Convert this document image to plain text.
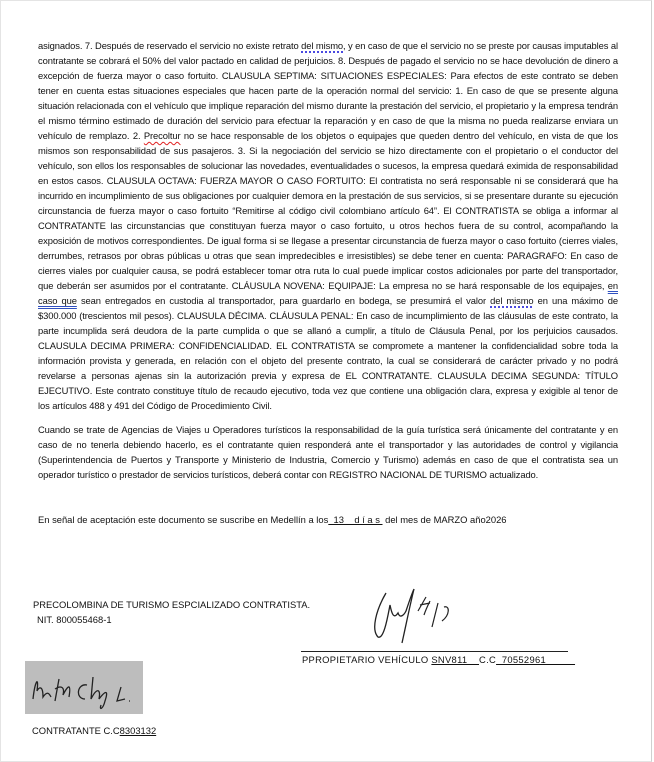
asignados. 7. Después de reservado el servicio no existe retrato del mismo, y en caso de que el servicio no se preste por causas imputables al contratante se cobrará el 50% del valor pactado en calidad de perjuicios. 8. Después de pagado el servicio no se hace devolución de dinero a excepción de fuerza mayor o caso fortuito. CLAUSULA SEPTIMA: SITUACIONES ESPECIALES: Para efectos de este contrato se deben tener en cuenta estas situaciones especiales que hacen parte de la operación normal del servicio: 1. En caso de que se presente alguna situación relacionada con el vehículo que implique reparación del mismo durante la prestación del servicio, el propietario y la empresa tendrán el mismo término estimado de duración del servicio para efectuar la reparación y en caso de que la misma no pueda realizarse enviara un vehículo de remplazo. 2. Precoltur no se hace responsable de los objetos o equipajes que queden dentro del vehículo, en vista de que los mismos son responsabilidad de sus pasajeros. 3. Si la negociación del servicio se hizo directamente con el propietario o el conductor del vehículo, son ellos los responsables de solucionar las novedades, eventualidades o sucesos, la empresa quedará eximida de responsabilidad en estos casos. CLAUSULA OCTAVA: FUERZA MAYOR O CASO FORTUITO: El contratista no será responsable ni se considerará que ha incurrido en incumplimiento de sus obligaciones por cualquier demora en la prestación de sus servicios, si se presentare durante su ejecución circunstancia de fuerza mayor o caso fortuito “Remitirse al código civil colombiano artículo 64”. El CONTRATISTA se obliga a informar al CONTRATANTE las circunstancias que constituyan fuerza mayor o caso fortuito, u otros hechos fuera de su control, acompañando la exposición de motivos correspondientes. De igual forma si se llegase a presentar circunstancia de fuerza mayor o caso fortuito (cierres viales, derrumbes, retrasos por obras públicas u otras que sean impredecibles e irresistibles) se debe tener en cuenta: PARAGRAFO: En caso de cierres viales por cualquier causa, se podrá establecer tomar otra ruta lo cual puede implicar costos adicionales por parte del transportador, que deberán ser asumidos por el contratante. CLÁUSULA NOVENA: EQUIPAJE: La empresa no se hará responsable de los equipajes, en caso que sean entregados en custodia al transportador, para guardarlo en bodega, se presumirá el valor del mismo en una máximo de $300.000 (trescientos mil pesos). CLAUSULA DÉCIMA. CLÁUSULA PENAL: En caso de incumplimiento de las cláusulas de este contrato, la parte incumplida será deudora de la parte cumplida o que se allanó a cumplir, a título de Cláusula Penal, por los perjuicios causados. CLAUSULA DECIMA PRIMERA: CONFIDENCIALIDAD. EL CONTRATISTA se compromete a mantener la confidencialidad sobre toda la información provista y generada, en relación con el objeto del presente contrato, la cual se considerará de carácter privado y no podrá revelarse a personas ajenas sin la autorización previa y expresa de EL CONTRATANTE. CLAUSULA DECIMA SEGUNDA: TÍTULO EJECUTIVO. Este contrato constituye título de recaudo ejecutivo, toda vez que contiene una obligación clara, expresa y exigible al tenor de los artículos 488 y 491 del Código de Procedimiento Civil.

Cuando se trate de Agencias de Viajes u Operadores turísticos la responsabilidad de la guía turística será únicamente del contratante y en caso de no tenerla debiendo hacerlo, es el contratante quien responderá ante el transportador y las autoridades de control y vigilancia (Superintendencia de Puertos y Transporte y Ministerio de Industria, Comercio y Turismo) además en caso de que el contratista sea un operador turístico o prestador de servicios turísticos, deberá contar con REGISTRO NACIONAL DE TURISMO actualizado.

En señal de aceptación este documento se suscribe en Medellín a los  13    d í a s  del mes de MARZO año2026
PRECOLOMBINA DE TURISMO ESPCIALIZADO CONTRATISTA.
NIT. 800055468-1
PPROPIETARIO VEHÍCULO SNV811    C.C  70552961
CONTRATANTE C.C8303132
